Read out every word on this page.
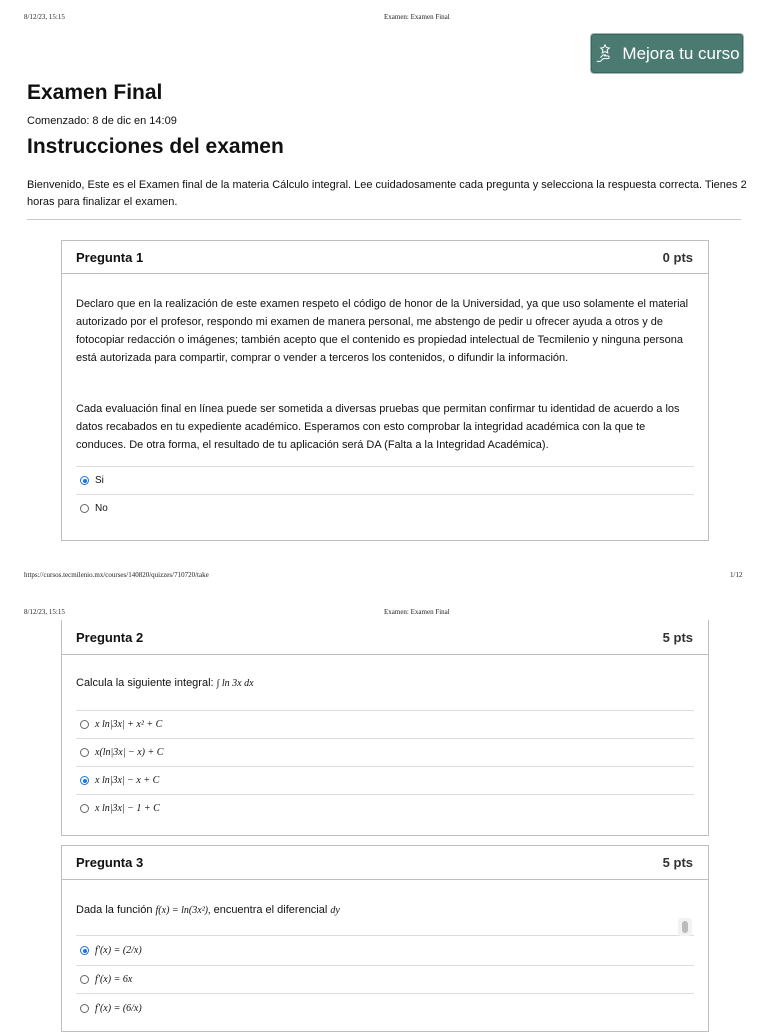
8/12/23, 15:15	Examen: Examen Final
Mejora tu curso
Examen Final
Comenzado: 8 de dic en 14:09
Instrucciones del examen
Bienvenido, Este es el Examen final de la materia Cálculo integral. Lee cuidadosamente cada pregunta y selecciona la respuesta correcta. Tienes 2 horas para finalizar el examen.
Pregunta 1	0 pts
Declaro que en la realización de este examen respeto el código de honor de la Universidad, ya que uso solamente el material autorizado por el profesor, respondo mi examen de manera personal, me abstengo de pedir u ofrecer ayuda a otros y de fotocopiar redacción o imágenes; también acepto que el contenido es propiedad intelectual de Tecmilenio y ninguna persona está autorizada para compartir, comprar o vender a terceros los contenidos, o difundir la información.
Cada evaluación final en línea puede ser sometida a diversas pruebas que permitan confirmar tu identidad de acuerdo a los datos recabados en tu expediente académico. Esperamos con esto comprobar la integridad académica con la que te conduces. De otra forma, el resultado de tu aplicación será DA (Falta a la Integridad Académica).
Si
No
https://cursos.tecmilenio.mx/courses/140820/quizzes/710720/take	1/12
8/12/23, 15:15	Examen: Examen Final
Pregunta 2	5 pts
Calcula la siguiente integral: ∫ ln 3x dx
x ln|3x| + x² + C
x(ln|3x| − x) + C
x ln|3x| − x + C
x ln|3x| − 1 + C
Pregunta 3	5 pts
Dada la función f(x) = ln(3x²), encuentra el diferencial dy
f′(x) = (2/x)
f′(x) = 6x
f′(x) = (6/x)
